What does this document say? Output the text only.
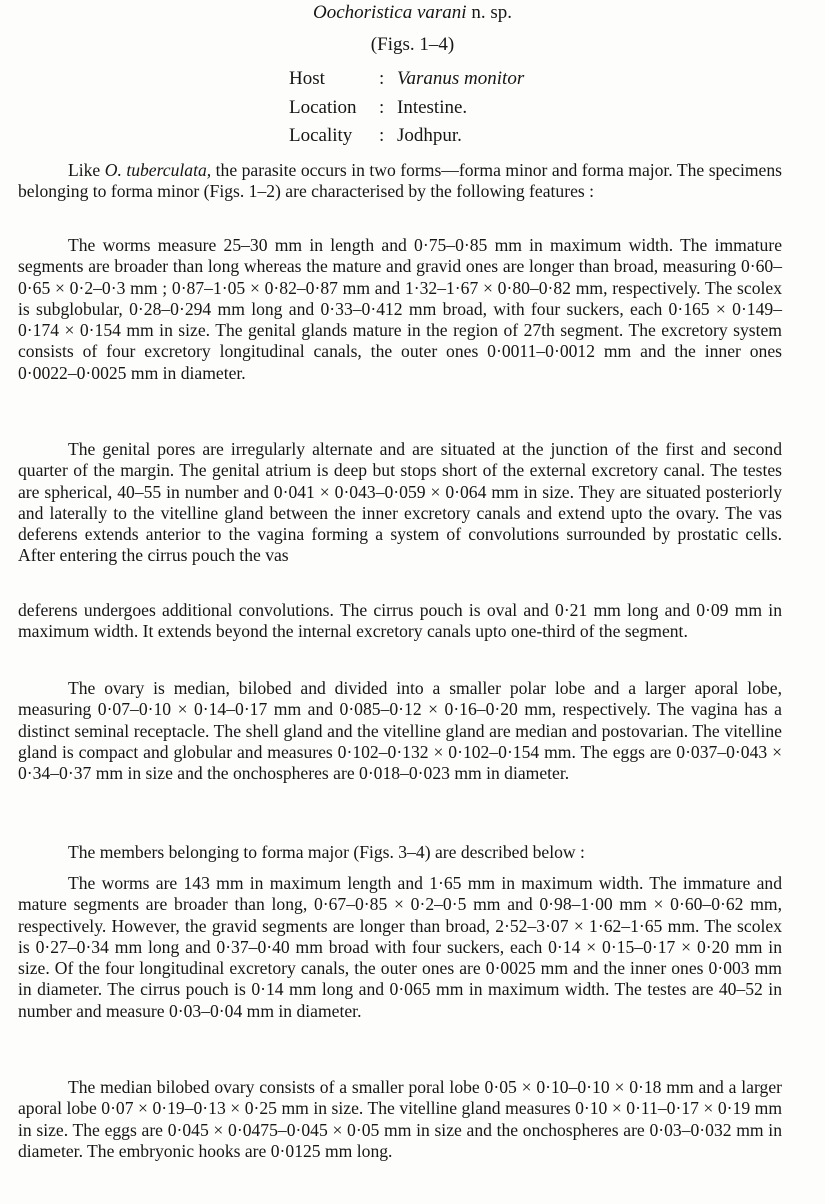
Oochoristica varani n. sp.
(Figs. 1–4)
Host	: Varanus monitor
Location : Intestine.
Locality : Jodhpur.

Like O. tuberculata, the parasite occurs in two forms—forma minor and forma major. The specimens belonging to forma minor (Figs. 1–2) are characterised by the following features :

The worms measure 25–30 mm in length and 0·75–0·85 mm in maximum width. The immature segments are broader than long whereas the mature and gravid ones are longer than broad, measuring 0·60–0·65 × 0·2–0·3 mm ; 0·87–1·05 × 0·82–0·87 mm and 1·32–1·67 × 0·80–0·82 mm, respectively. The scolex is subglobular, 0·28–0·294 mm long and 0·33–0·412 mm broad, with four suckers, each 0·165 × 0·149–0·174 × 0·154 mm in size. The genital glands mature in the region of 27th segment. The excretory system consists of four excretory longitudinal canals, the outer ones 0·0011–0·0012 mm and the inner ones 0·0022–0·0025 mm in diameter.

The genital pores are irregularly alternate and are situated at the junction of the first and second quarter of the margin. The genital atrium is deep but stops short of the external excretory canal. The testes are spherical, 40–55 in number and 0·041 × 0·043–0·059 × 0·064 mm in size. They are situated posteriorly and laterally to the vitelline gland between the inner excretory canals and extend upto the ovary. The vas deferens extends anterior to the vagina forming a system of convolutions surrounded by prostatic cells. After entering the cirrus pouch the vas

deferens undergoes additional convolutions. The cirrus pouch is oval and 0·21 mm long and 0·09 mm in maximum width. It extends beyond the internal excretory canals upto one-third of the segment.

The ovary is median, bilobed and divided into a smaller polar lobe and a larger aporal lobe, measuring 0·07–0·10 × 0·14–0·17 mm and 0·085–0·12 × 0·16–0·20 mm, respectively. The vagina has a distinct seminal receptacle. The shell gland and the vitelline gland are median and postovarian. The vitelline gland is compact and globular and measures 0·102–0·132 × 0·102–0·154 mm. The eggs are 0·037–0·043 × 0·34–0·37 mm in size and the onchospheres are 0·018–0·023 mm in diameter.

The members belonging to forma major (Figs. 3–4) are described below :

The worms are 143 mm in maximum length and 1·65 mm in maximum width. The immature and mature segments are broader than long, 0·67–0·85 × 0·2–0·5 mm and 0·98–1·00 mm × 0·60–0·62 mm, respectively. However, the gravid segments are longer than broad, 2·52–3·07 × 1·62–1·65 mm. The scolex is 0·27–0·34 mm long and 0·37–0·40 mm broad with four suckers, each 0·14 × 0·15–0·17 × 0·20 mm in size. Of the four longitudinal excretory canals, the outer ones are 0·0025 mm and the inner ones 0·003 mm in diameter. The cirrus pouch is 0·14 mm long and 0·065 mm in maximum width. The testes are 40–52 in number and measure 0·03–0·04 mm in diameter.

The median bilobed ovary consists of a smaller poral lobe 0·05 × 0·10–0·10 × 0·18 mm and a larger aporal lobe 0·07 × 0·19–0·13 × 0·25 mm in size. The vitelline gland measures 0·10 × 0·11–0·17 × 0·19 mm in size. The eggs are 0·045 × 0·0475–0·045 × 0·05 mm in size and the onchospheres are 0·03–0·032 mm in diameter. The embryonic hooks are 0·0125 mm long.
